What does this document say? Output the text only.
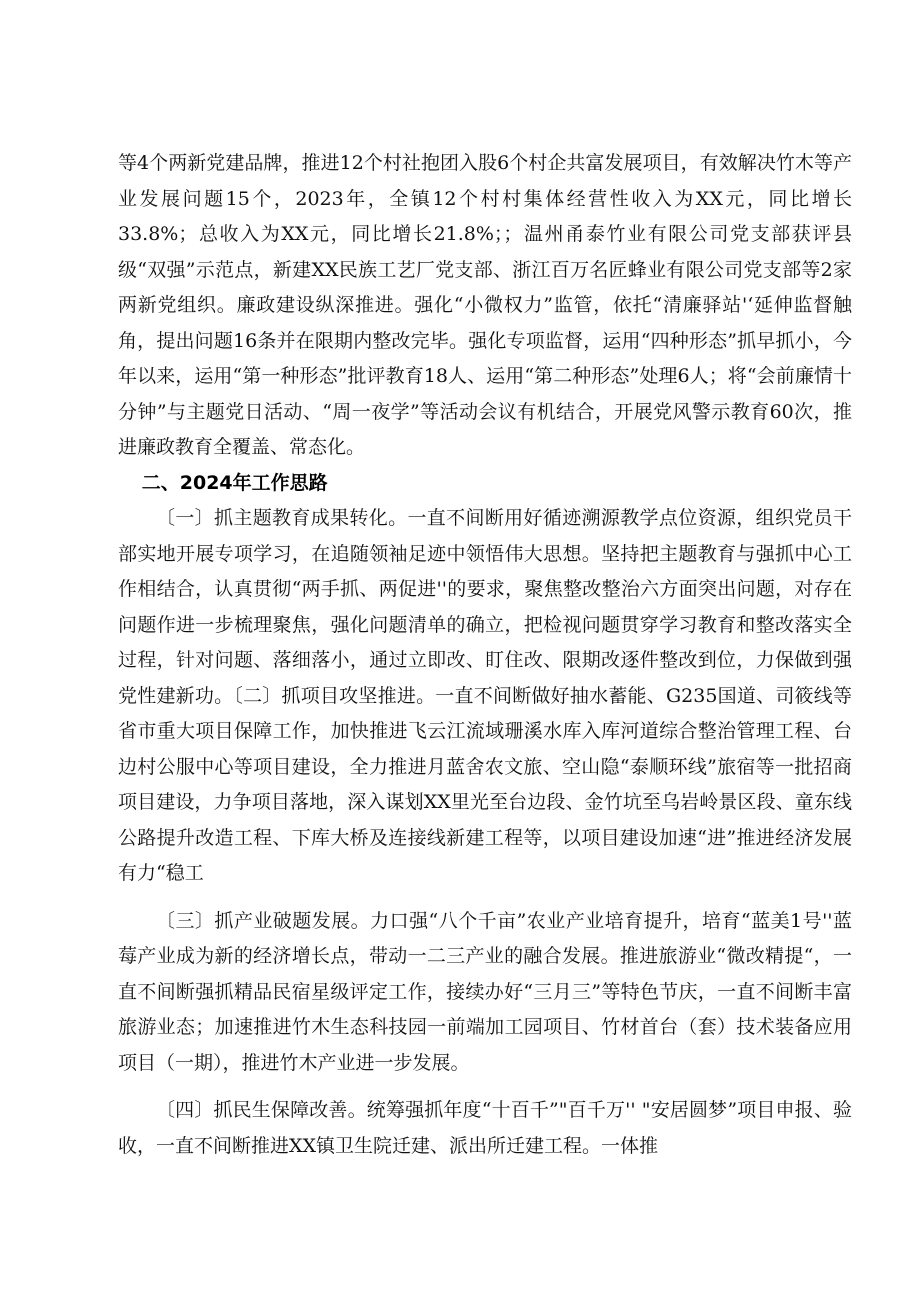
等4个两新党建品牌，推进12个村社抱团入股6个村企共富发展项目，有效解决竹木等产业发展问题15个，2023年，全镇12个村村集体经营性收入为XX元，同比增长33.8%；总收入为XX元，同比增长21.8%；；温州甬泰竹业有限公司党支部获评县级“双强”示范点，新建XX民族工艺厂党支部、浙江百万名匠蜂业有限公司党支部等2家两新党组织。廉政建设纵深推进。强化“小微权力”监管，依托“清廉驿站'‘延伸监督触角，提出问题16条并在限期内整改完毕。强化专项监督，运用“四种形态”抓早抓小，今年以来，运用“第一种形态”批评教育18人、运用“第二种形态”处理6人；将“会前廉情十分钟”与主题党日活动、“周一夜学”等活动会议有机结合，开展党风警示教育60次，推进廉政教育全覆盖、常态化。

二、2024年工作思路

〔一〕抓主题教育成果转化。一直不间断用好循迹溯源教学点位资源，组织党员干部实地开展专项学习，在追随领袖足迹中领悟伟大思想。坚持把主题教育与强抓中心工作相结合，认真贯彻“两手抓、两促进''的要求，聚焦整改整治六方面突出问题，对存在问题作进一步梳理聚焦，强化问题清单的确立，把检视问题贯穿学习教育和整改落实全过程，针对问题、落细落小，通过立即改、盯住改、限期改逐件整改到位，力保做到强党性建新功。〔二〕抓项目攻坚推进。一直不间断做好抽水蓄能、G235国道、司筱线等省市重大项目保障工作，加快推进飞云江流域珊溪水库入库河道综合整治管理工程、台边村公服中心等项目建设，全力推进月蓝舍农文旅、空山隐“泰顺环线”旅宿等一批招商项目建设，力争项目落地，深入谋划XX里光至台边段、金竹坑至乌岩岭景区段、童东线公路提升改造工程、下库大桥及连接线新建工程等，以项目建设加速“进”推进经济发展有力“稳工

〔三〕抓产业破题发展。力口强“八个千亩”农业产业培育提升，培育“蓝美1号''蓝莓产业成为新的经济增长点，带动一二三产业的融合发展。推进旅游业“微改精提“，一直不间断强抓精品民宿星级评定工作，接续办好“三月三”等特色节庆，一直不间断丰富旅游业态；加速推进竹木生态科技园一前端加工园项目、竹材首台（套）技术装备应用项目（一期），推进竹木产业进一步发展。

〔四〕抓民生保障改善。统筹强抓年度“十百千”"百千万'' "安居圆梦”项目申报、验收，一直不间断推进XX镇卫生院迁建、派出所迁建工程。一体推
